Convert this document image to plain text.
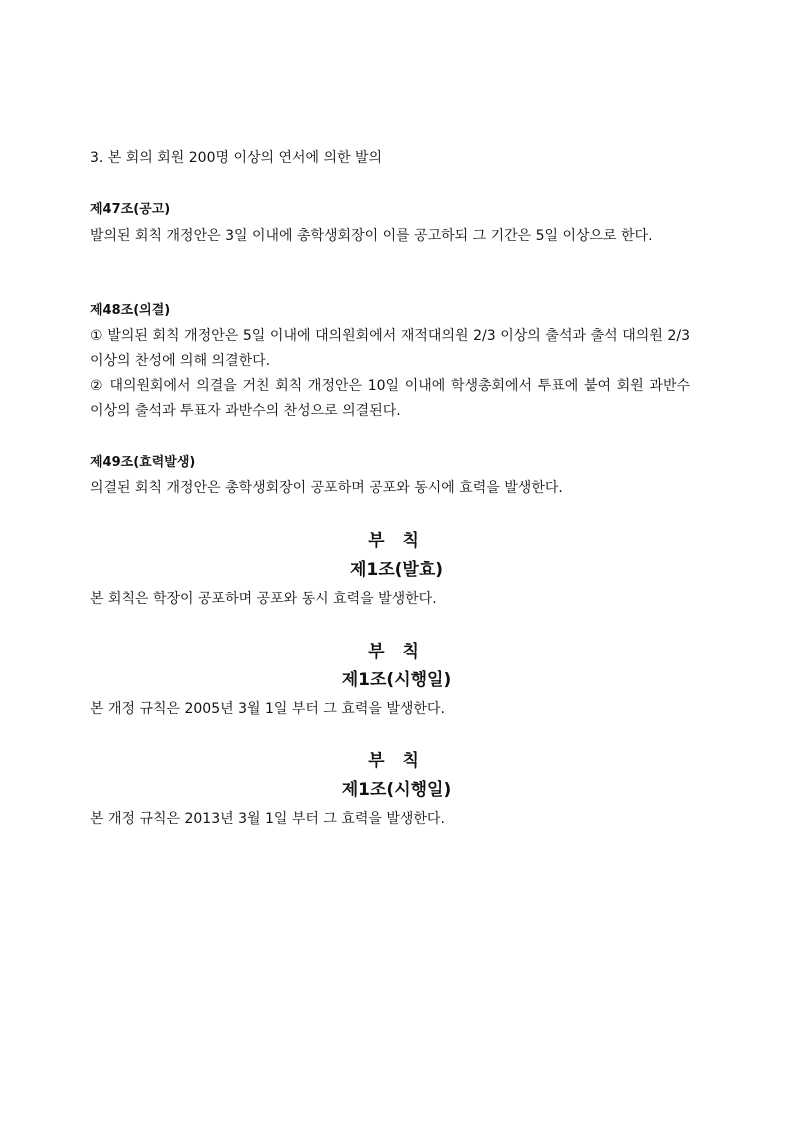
3. 본 회의 회원 200명 이상의 연서에 의한 발의

제47조(공고)

발의된 회칙 개정안은 3일 이내에 총학생회장이 이를 공고하되 그 기간은 5일 이상으로 한다.

제48조(의결)

① 발의된 회칙 개정안은 5일 이내에 대의원회에서 재적대의원 2/3 이상의 출석과 출석 대의원 2/3이상의 찬성에 의해 의결한다.

② 대의원회에서 의결을 거친 회칙 개정안은 10일 이내에 학생총회에서 투표에 붙여 회원 과반수 이상의 출석과 투표자 과반수의 찬성으로 의결된다.

제49조(효력발생)

의결된 회칙 개정안은 총학생회장이 공포하며 공포와 동시에 효력을 발생한다.

부 칙

제1조(발효)

본 회칙은 학장이 공포하며 공포와 동시 효력을 발생한다.

부 칙

제1조(시행일)

본 개정 규칙은 2005년 3월 1일 부터 그 효력을 발생한다.

부 칙

제1조(시행일)

본 개정 규칙은 2013년 3월 1일 부터 그 효력을 발생한다.
